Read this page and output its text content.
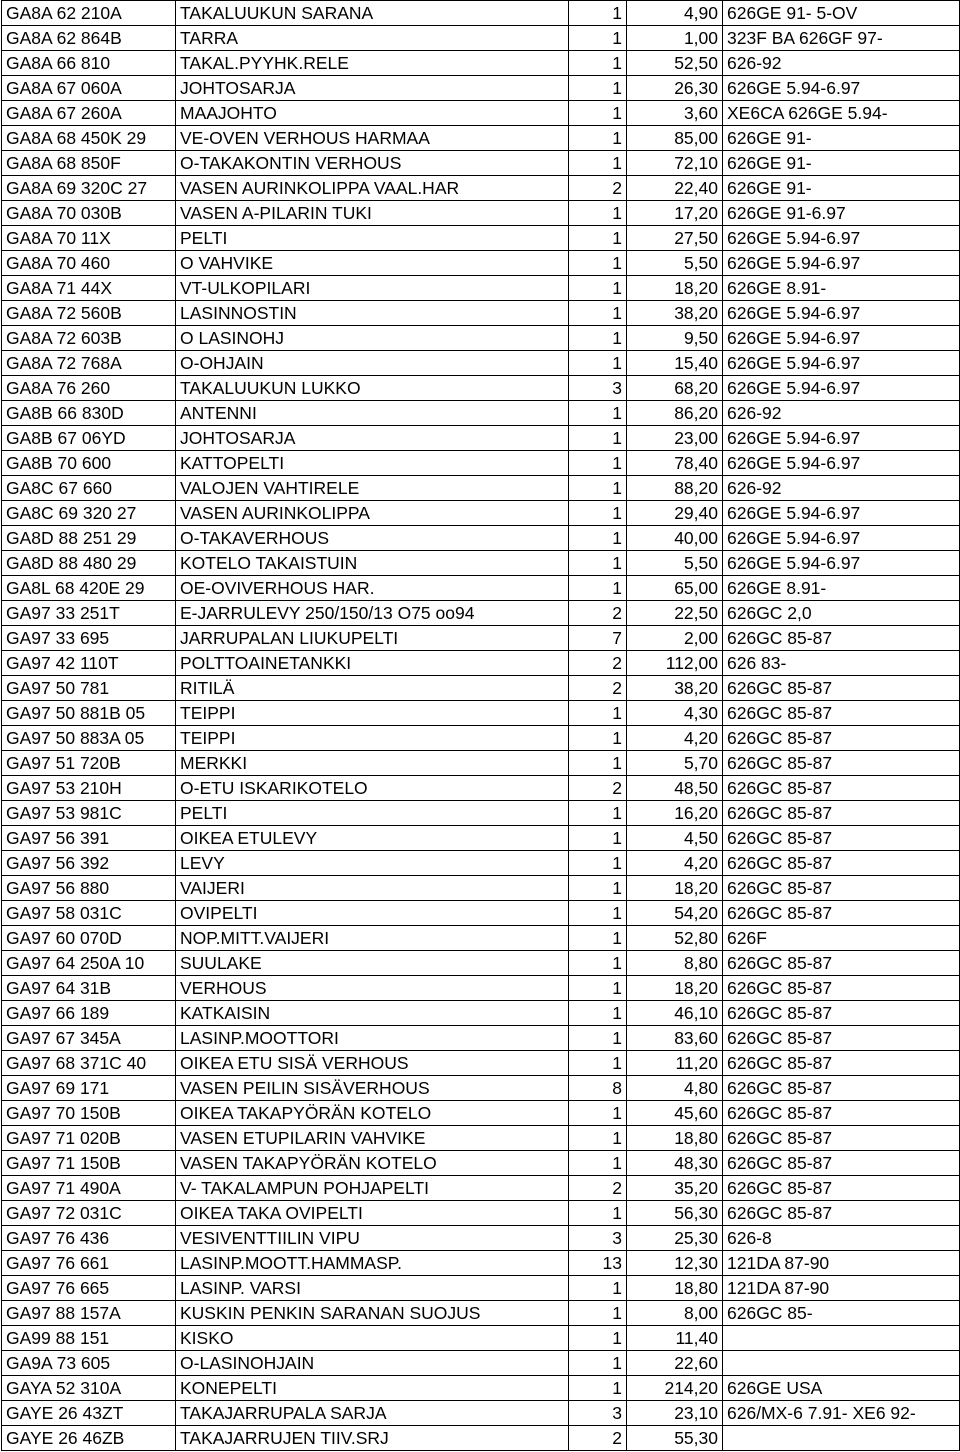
GA8A 62 210A	TAKALUUKUN SARANA	1	4,90	626GE 91- 5-OV
GA8A 62 864B	TARRA	1	1,00	323F BA 626GF 97-
GA8A 66 810	TAKAL.PYYHK.RELE	1	52,50	626-92
GA8A 67 060A	JOHTOSARJA	1	26,30	626GE 5.94-6.97
GA8A 67 260A	MAAJOHTO	1	3,60	XE6CA 626GE 5.94-
GA8A 68 450K 29	VE-OVEN VERHOUS HARMAA	1	85,00	626GE 91-
GA8A 68 850F	O-TAKAKONTIN VERHOUS	1	72,10	626GE 91-
GA8A 69 320C 27	VASEN AURINKOLIPPA VAAL.HAR	2	22,40	626GE 91-
GA8A 70 030B	VASEN A-PILARIN TUKI	1	17,20	626GE 91-6.97
GA8A 70 11X	PELTI	1	27,50	626GE 5.94-6.97
GA8A 70 460	O VAHVIKE	1	5,50	626GE 5.94-6.97
GA8A 71 44X	VT-ULKOPILARI	1	18,20	626GE 8.91-
GA8A 72 560B	LASINNOSTIN	1	38,20	626GE 5.94-6.97
GA8A 72 603B	O LASINOHJ	1	9,50	626GE 5.94-6.97
GA8A 72 768A	O-OHJAIN	1	15,40	626GE 5.94-6.97
GA8A 76 260	TAKALUUKUN LUKKO	3	68,20	626GE 5.94-6.97
GA8B 66 830D	ANTENNI	1	86,20	626-92
GA8B 67 06YD	JOHTOSARJA	1	23,00	626GE 5.94-6.97
GA8B 70 600	KATTOPELTI	1	78,40	626GE 5.94-6.97
GA8C 67 660	VALOJEN VAHTIRELE	1	88,20	626-92
GA8C 69 320 27	VASEN AURINKOLIPPA	1	29,40	626GE 5.94-6.97
GA8D 88 251 29	O-TAKAVERHOUS	1	40,00	626GE 5.94-6.97
GA8D 88 480 29	KOTELO TAKAISTUIN	1	5,50	626GE 5.94-6.97
GA8L 68 420E 29	OE-OVIVERHOUS HAR.	1	65,00	626GE 8.91-
GA97 33 251T	E-JARRULEVY 250/150/13 O75 oo94	2	22,50	626GC 2,0
GA97 33 695	JARRUPALAN LIUKUPELTI	7	2,00	626GC 85-87
GA97 42 110T	POLTTOAINETANKKI	2	112,00	626 83-
GA97 50 781	RITILÄ	2	38,20	626GC 85-87
GA97 50 881B 05	TEIPPI	1	4,30	626GC 85-87
GA97 50 883A 05	TEIPPI	1	4,20	626GC 85-87
GA97 51 720B	MERKKI	1	5,70	626GC 85-87
GA97 53 210H	O-ETU ISKARIKOTELO	2	48,50	626GC 85-87
GA97 53 981C	PELTI	1	16,20	626GC 85-87
GA97 56 391	OIKEA ETULEVY	1	4,50	626GC 85-87
GA97 56 392	LEVY	1	4,20	626GC 85-87
GA97 56 880	VAIJERI	1	18,20	626GC 85-87
GA97 58 031C	OVIPELTI	1	54,20	626GC 85-87
GA97 60 070D	NOP.MITT.VAIJERI	1	52,80	626F
GA97 64 250A 10	SUULAKE	1	8,80	626GC 85-87
GA97 64 31B	VERHOUS	1	18,20	626GC 85-87
GA97 66 189	KATKAISIN	1	46,10	626GC 85-87
GA97 67 345A	LASINP.MOOTTORI	1	83,60	626GC 85-87
GA97 68 371C 40	OIKEA ETU SISÄ VERHOUS	1	11,20	626GC 85-87
GA97 69 171	VASEN PEILIN SISÄVERHOUS	8	4,80	626GC 85-87
GA97 70 150B	OIKEA TAKAPYÖRÄN KOTELO	1	45,60	626GC 85-87
GA97 71 020B	VASEN ETUPILARIN VAHVIKE	1	18,80	626GC 85-87
GA97 71 150B	VASEN TAKAPYÖRÄN KOTELO	1	48,30	626GC 85-87
GA97 71 490A	V- TAKALAMPUN POHJAPELTI	2	35,20	626GC 85-87
GA97 72 031C	OIKEA TAKA OVIPELTI	1	56,30	626GC 85-87
GA97 76 436	VESIVENTTIILIN VIPU	3	25,30	626-8
GA97 76 661	LASINP.MOOTT.HAMMASP.	13	12,30	121DA 87-90
GA97 76 665	LASINP. VARSI	1	18,80	121DA 87-90
GA97 88 157A	KUSKIN PENKIN SARANAN SUOJUS	1	8,00	626GC 85-
GA99 88 151	KISKO	1	11,40	
GA9A 73 605	O-LASINOHJAIN	1	22,60	
GAYA 52 310A	KONEPELTI	1	214,20	626GE USA
GAYE 26 43ZT	TAKAJARRUPALA SARJA	3	23,10	626/MX-6 7.91- XE6 92-
GAYE 26 46ZB	TAKAJARRUJEN TIIV.SRJ	2	55,30	
